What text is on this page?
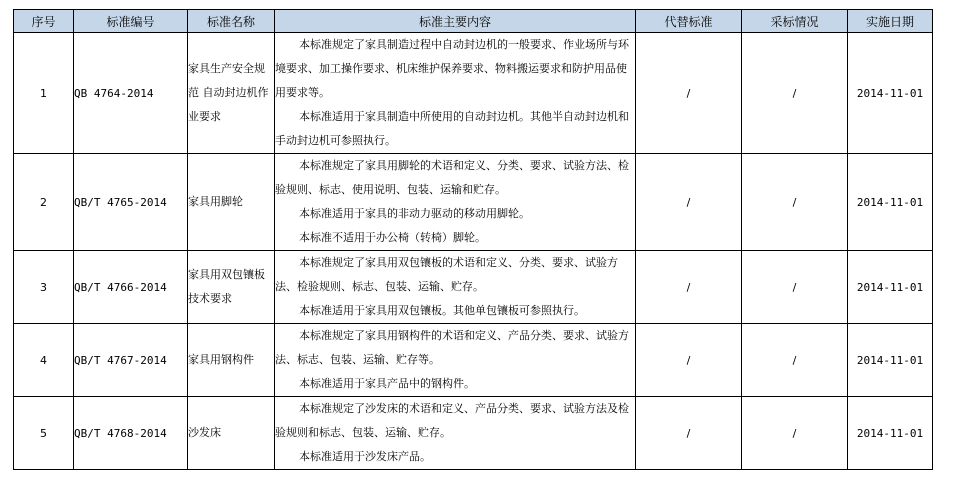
序号	标准编号	标准名称	标准主要内容	代替标准	采标情况	实施日期
1	QB 4764-2014	家具生产安全规范 自动封边机作业要求	本标准规定了家具制造过程中自动封边机的一般要求、作业场所与环境要求、加工操作要求、机床维护保养要求、物料搬运要求和防护用品使用要求等。

本标准适用于家具制造中所使用的自动封边机。其他半自动封边机和手动封边机可参照执行。	/	/	2014-11-01
2	QB/T 4765-2014	家具用脚轮	本标准规定了家具用脚轮的术语和定义、分类、要求、试验方法、检验规则、标志、使用说明、包装、运输和贮存。

本标准适用于家具的非动力驱动的移动用脚轮。

本标准不适用于办公椅（转椅）脚轮。	/	/	2014-11-01
3	QB/T 4766-2014	家具用双包镶板技术要求	本标准规定了家具用双包镶板的术语和定义、分类、要求、试验方法、检验规则、标志、包装、运输、贮存。

本标准适用于家具用双包镶板。其他单包镶板可参照执行。	/	/	2014-11-01
4	QB/T 4767-2014	家具用钢构件	本标准规定了家具用钢构件的术语和定义、产品分类、要求、试验方法、标志、包装、运输、贮存等。

本标准适用于家具产品中的钢构件。	/	/	2014-11-01
5	QB/T 4768-2014	沙发床	本标准规定了沙发床的术语和定义、产品分类、要求、试验方法及检验规则和标志、包装、运输、贮存。

本标准适用于沙发床产品。	/	/	2014-11-01
